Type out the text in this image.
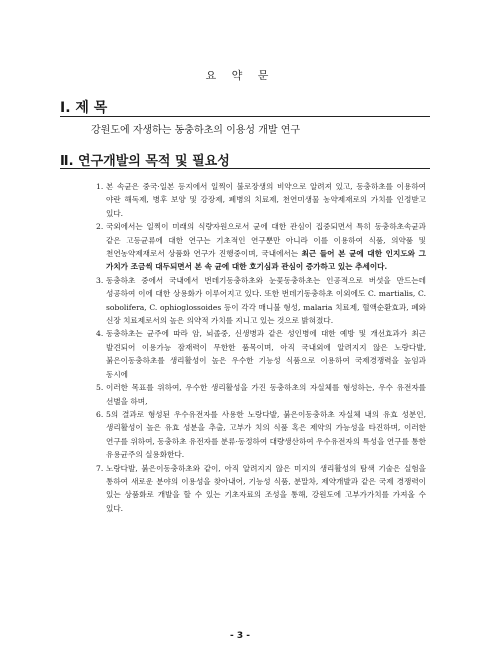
요 약 문
Ⅰ. 제 목
강원도에 자생하는 동충하초의 이용성 개발 연구
Ⅱ. 연구개발의 목적 및 필요성
1. 본 속균은 중국·일본 등지에서 일찍이 불로장생의 비약으로 알려져 있고, 동충하초를 이용하여 야란 해독제, 병후 보양 및 강장제, 폐병의 치료제, 천연미생물 농약제재로의 가치를 인정받고 있다.
2. 국외에서는 일찍이 미래의 식량자원으로서 균에 대한 관심이 집중되면서 특히 동충하초속균과 같은 고등균류에 대한 연구는 기초적인 연구뿐만 아니라 이를 이용하여 식품, 의약품 및 천연농약제재로서 상품화 연구가 진행중이며, 국내에서는 최근 들어 본 균에 대한 인지도와 그 가치가 조금씩 대두되면서 본 속 균에 대한 호기심과 관심이 증가하고 있는 추세이다.
3. 동충하초 중에서 국내에서 번데기동충하초와 눈꽃동충하초는 인공적으로 버섯을 만드는데 성공하여 이에 대한 상용화가 이루어지고 있다. 또한 번데기동충하초 이외에도 C. martialis, C. sobolifera, C. ophioglossoides 등이 각각 매니불 형성, malaria 치료제, 혈액순환효과, 폐와 신장 치료제로서의 높은 의약적 가치를 지니고 있는 것으로 밝혀졌다.
4. 동충하초는 균주에 따라 암, 뇌졸중, 신생병과 같은 성인병에 대한 예방 및 개선효과가 최근 발견되어 이용가능 잠재력이 무한한 품목이며, 아직 국내외에 알려지지 않은 노랑다발, 붉은이동충하초를 생리활성이 높은 우수한 기능성 식품으로 이용하여 국제경쟁력을 높임과 동시에
5. 이러한 목표를 위하여, 우수한 생리활성을 가진 동충하초의 자실체를 형성하는, 우수 유전자를 선별을 하며,
6. 5의 결과로 형성된 우수유전자를 사용한 노랑다발, 붉은이동충하초 자실체 내의 유효 성분인, 생리활성이 높은 유효 성분을 추출, 고부가 치의 식품 혹은 제약의 가능성을 타진하며, 이러한 연구를 위하여, 동충하초 유전자를 분류·동정하여 대량생산하여 우수유전자의 특성을 연구를 통한 유용균주의 실용화한다.
7. 노랑다발, 붉은이동충하초와 같이, 아직 알려지지 않은 미지의 생리활성의 탐색 기술은 실험을 통하여 새로운 분야의 이용성을 찾아내어, 기능성 식품, 분말차, 제약개발과 같은 국제 경쟁력이 있는 상품화로 개발을 할 수 있는 기초자료의 조성을 통해, 강원도에 고부가가치를 가져올 수 있다.
- 3 -
